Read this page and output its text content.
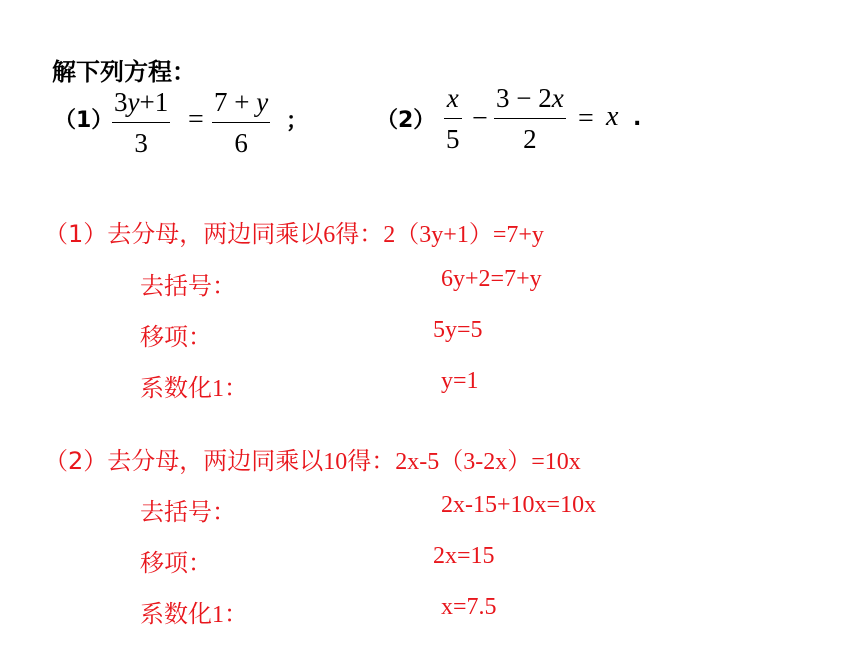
解下列方程：
（1）
3y+1
3
=
7 + y
6
；	（2）
x
5
−
3 − 2x
2
= x .
（1）去分母，两边同乘以6得：2（3y+1）=7+y
去括号：	6y+2=7+y
移项：	5y=5
系数化1：	y=1
（2）去分母，两边同乘以10得：2x-5（3-2x）=10x
去括号：	2x-15+10x=10x
移项：	2x=15
系数化1：	x=7.5
